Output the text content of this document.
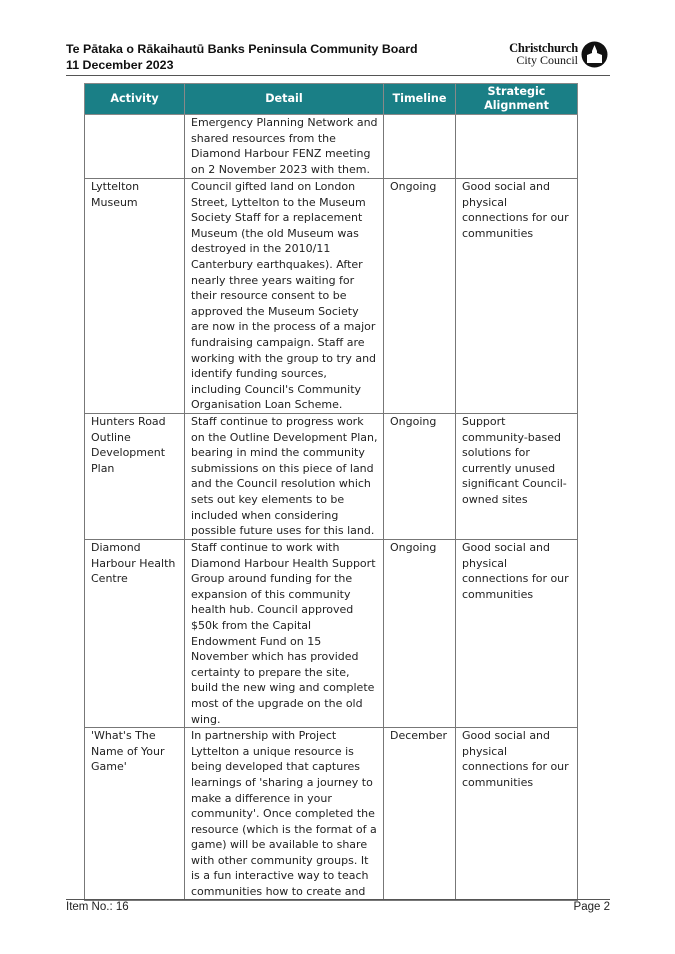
Te Pātaka o Rākaihautū Banks Peninsula Community Board
11 December 2023
Christchurch
City Council
Activity	Detail	Timeline	Strategic Alignment
	Emergency Planning Network and shared resources from the Diamond Harbour FENZ meeting on 2 November 2023 with them.		
Lyttelton Museum	Council gifted land on London Street, Lyttelton to the Museum Society Staff for a replacement Museum (the old Museum was destroyed in the 2010/11 Canterbury earthquakes). After nearly three years waiting for their resource consent to be approved the Museum Society are now in the process of a major fundraising campaign. Staff are working with the group to try and identify funding sources, including Council's Community Organisation Loan Scheme.	Ongoing	Good social and physical connections for our communities
Hunters Road Outline Development Plan	Staff continue to progress work on the Outline Development Plan, bearing in mind the community submissions on this piece of land and the Council resolution which sets out key elements to be included when considering possible future uses for this land.	Ongoing	Support community-based solutions for currently unused significant Council-owned sites
Diamond Harbour Health Centre	Staff continue to work with Diamond Harbour Health Support Group around funding for the expansion of this community health hub. Council approved $50k from the Capital Endowment Fund on 15 November which has provided certainty to prepare the site, build the new wing and complete most of the upgrade on the old wing.	Ongoing	Good social and physical connections for our communities
'What's The Name of Your Game'	In partnership with Project Lyttelton a unique resource is being developed that captures learnings of 'sharing a journey to make a difference in your community'. Once completed the resource (which is the format of a game) will be available to share with other community groups. It is a fun interactive way to teach communities how to create and	December	Good social and physical connections for our communities
Item No.: 16	Page 2
